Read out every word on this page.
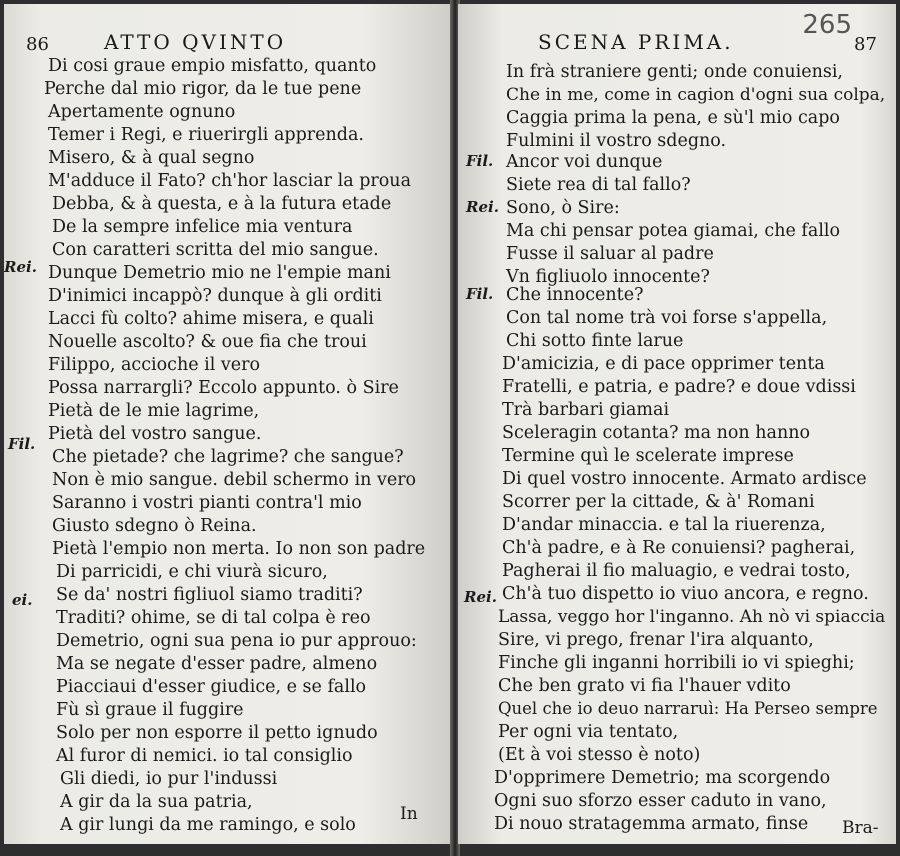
86	ATTO QVINTO
Rei.
Fil.
ei.
Di cosi graue empio misfatto, quanto
Perche dal mio rigor, da le tue pene
Apertamente ognuno
Temer i Regi, e riuerirgli apprenda.
Misero, & à qual segno
M'adduce il Fato? ch'hor lasciar la proua
Debba, & à questa, e à la futura etade
De la sempre infelice mia ventura
Con caratteri scritta del mio sangue.
Dunque Demetrio mio ne l'empie mani
D'inimici incappò? dunque à gli orditi
Lacci fù colto? ahime misera, e quali
Nouelle ascolto? & oue fia che troui
Filippo, accioche il vero
Possa narrargli? Eccolo appunto. ò Sire
Pietà de le mie lagrime,
Pietà del vostro sangue.
Che pietade? che lagrime? che sangue?
Non è mio sangue. debil schermo in vero
Saranno i vostri pianti contra'l mio
Giusto sdegno ò Reina.
Pietà l'empio non merta. Io non son padre
Di parricidi, e chi viurà sicuro,
Se da' nostri figliuol siamo traditi?
Traditi? ohime, se di tal colpa è reo
Demetrio, ogni sua pena io pur approuo:
Ma se negate d'esser padre, almeno
Piacciaui d'esser giudice, e se fallo
Fù sì graue il fuggire
Solo per non esporre il petto ignudo
Al furor di nemici. io tal consiglio
Gli diedi, io pur l'indussi
A gir da la sua patria,
A gir lungi da me ramingo, e solo
In
SCENA PRIMA.	87
265
Fil.
Rei.
Fil.
Rei.
In frà straniere genti; onde conuiensi,
Che in me, come in cagion d'ogni sua colpa,
Caggia prima la pena, e sù'l mio capo
Fulmini il vostro sdegno.
Ancor voi dunque
Siete rea di tal fallo?
Sono, ò Sire:
Ma chi pensar potea giamai, che fallo
Fusse il saluar al padre
Vn figliuolo innocente?
Che innocente?
Con tal nome trà voi forse s'appella,
Chi sotto finte larue
D'amicizia, e di pace opprimer tenta
Fratelli, e patria, e padre? e doue vdissi
Trà barbari giamai
Sceleragin cotanta? ma non hanno
Termine quì le scelerate imprese
Di quel vostro innocente. Armato ardisce
Scorrer per la cittade, & à' Romani
D'andar minaccia. e tal la riuerenza,
Ch'à padre, e à Re conuiensi? pagherai,
Pagherai il fio maluagio, e vedrai tosto,
Ch'à tuo dispetto io viuo ancora, e regno.
Lassa, veggo hor l'inganno. Ah nò vi spiaccia
Sire, vi prego, frenar l'ira alquanto,
Finche gli inganni horribili io vi spieghi;
Che ben grato vi fia l'hauer vdito
Quel che io deuo narraruì: Ha Perseo sempre
Per ogni via tentato,
(Et à voi stesso è noto)
D'opprimere Demetrio; ma scorgendo
Ogni suo sforzo esser caduto in vano,
Di nouo stratagemma armato, finse Bra-
